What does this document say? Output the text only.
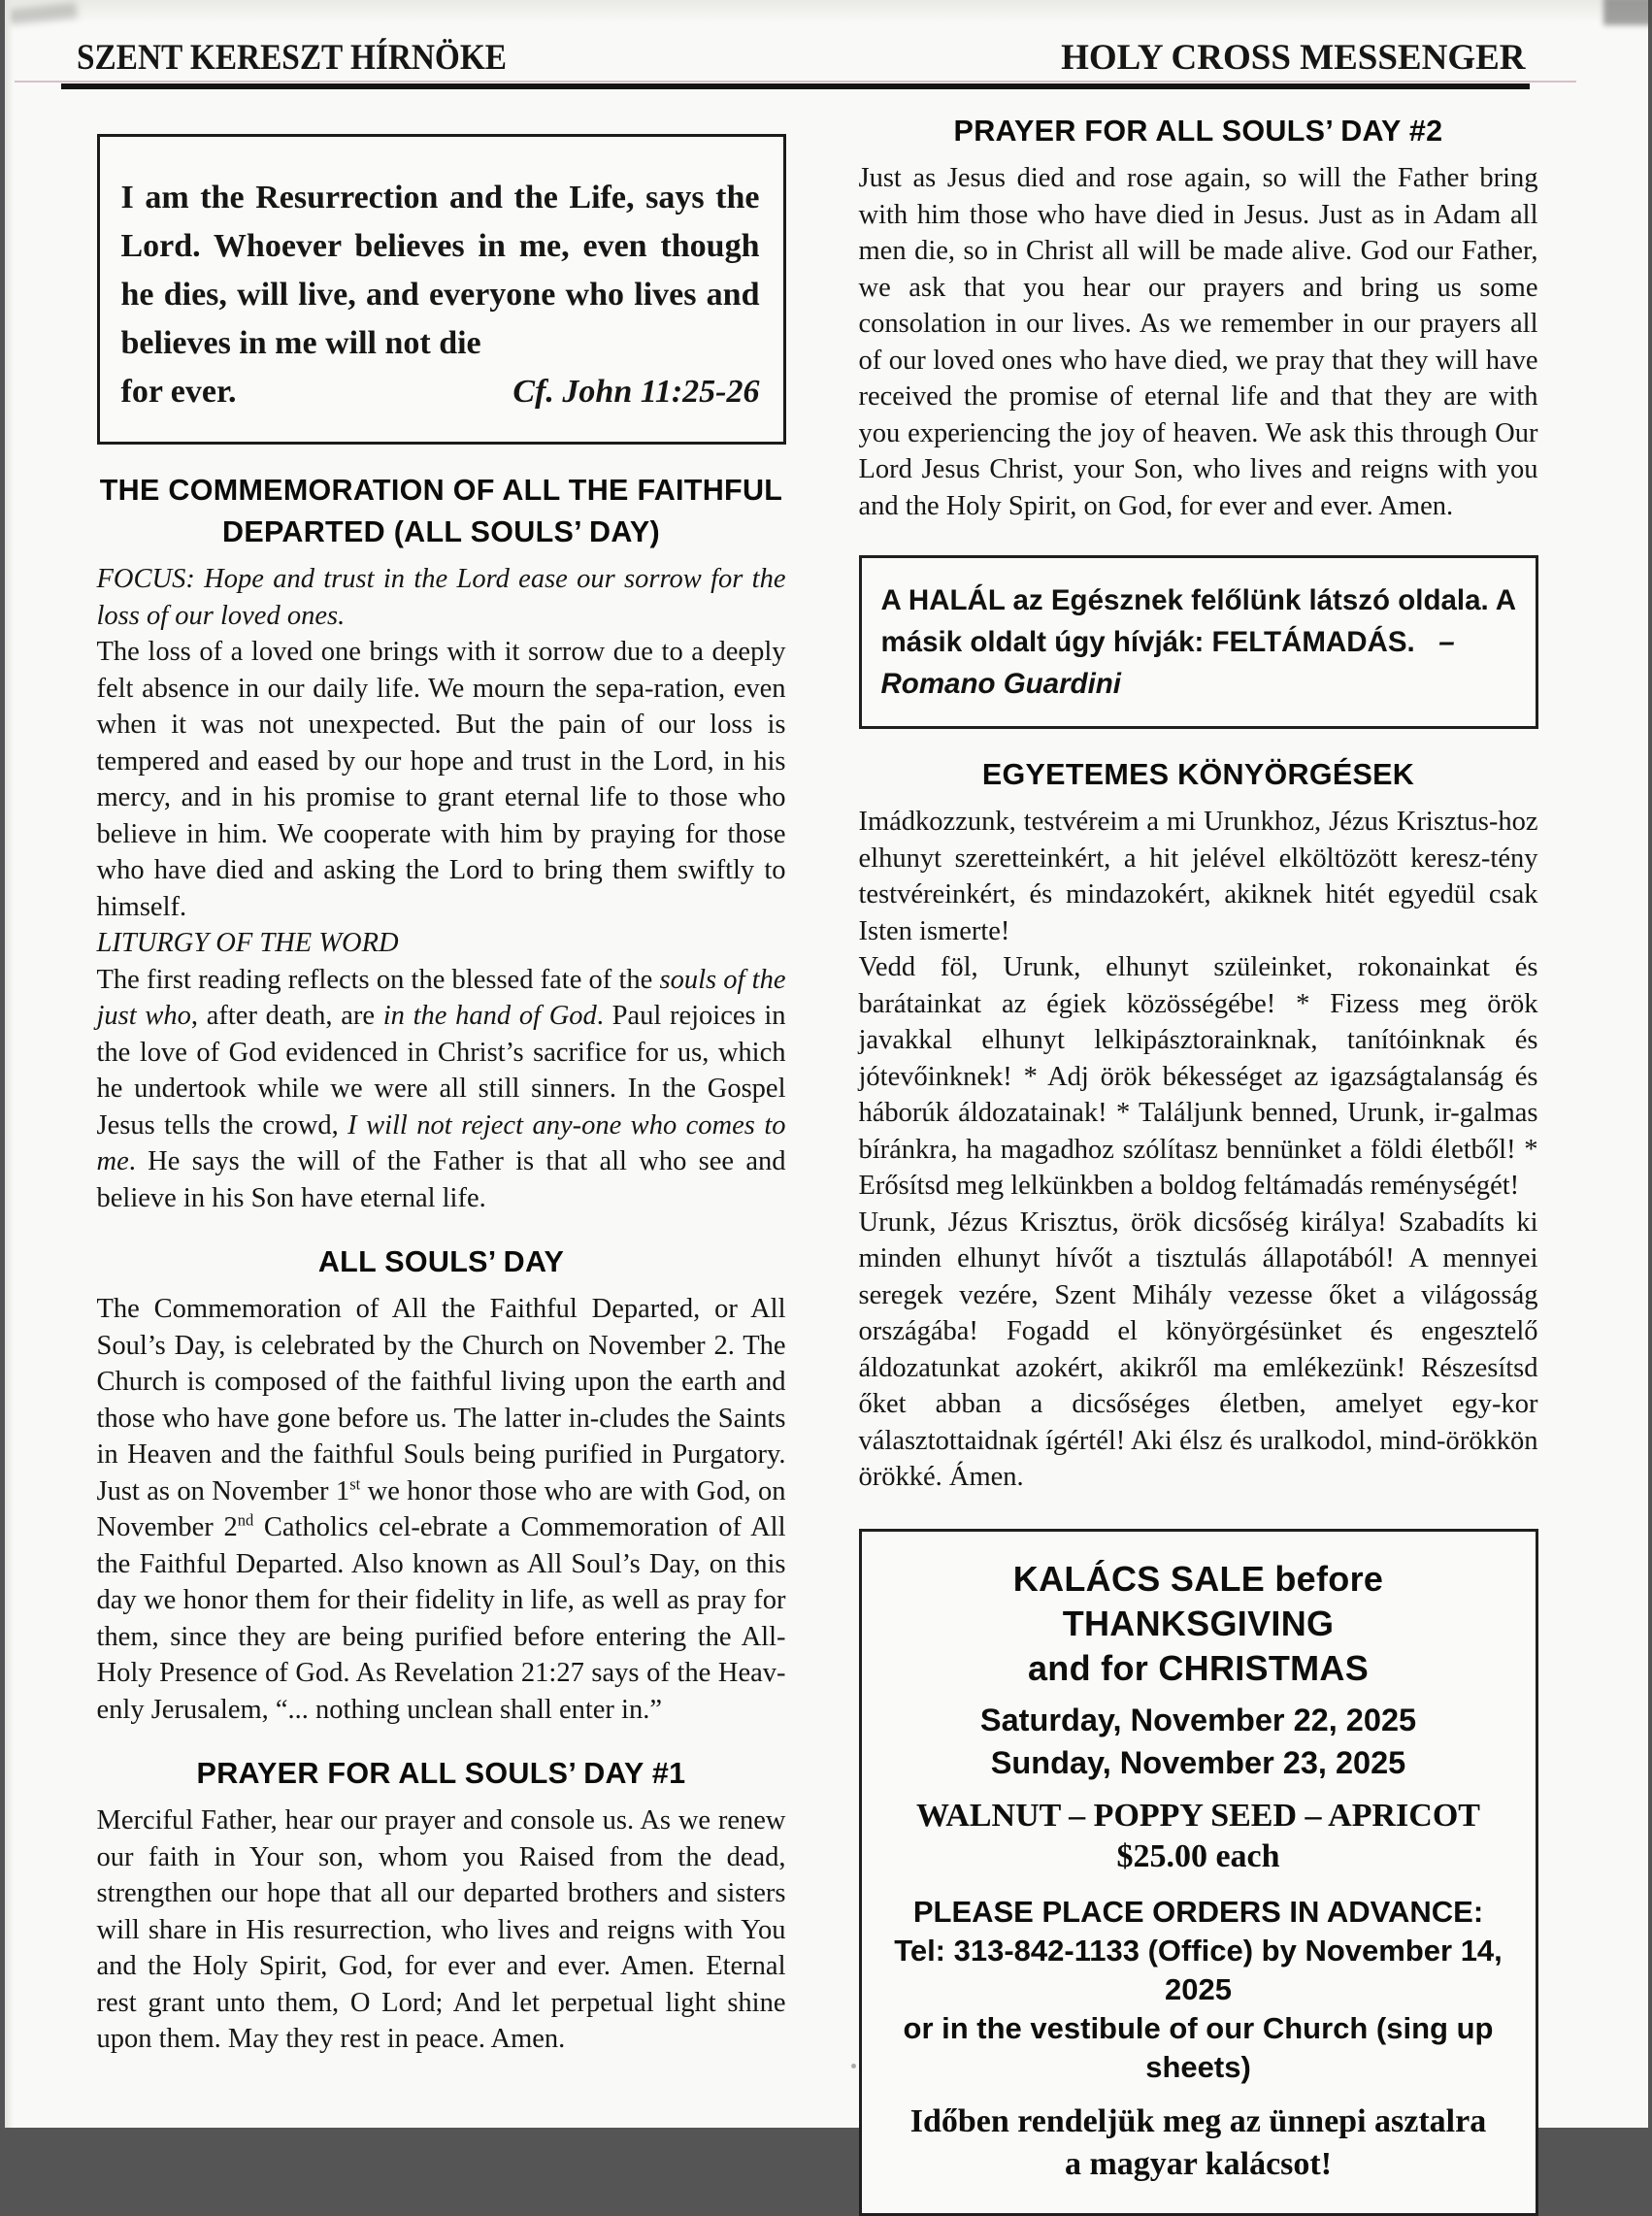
SZENT KERESZT HÍRNÖKE	HOLY CROSS MESSENGER

I am the Resurrection and the Life, says the Lord. Whoever believes in me, even though he dies, will live, and everyone who lives and believes in me will not die

for ever.	Cf. John 11:25-26
THE COMMEMORATION OF ALL THE FAITHFUL DEPARTED (ALL SOULS’ DAY)

FOCUS: Hope and trust in the Lord ease our sorrow for the loss of our loved ones.

The loss of a loved one brings with it sorrow due to a deeply felt absence in our daily life. We mourn the sepa-ration, even when it was not unexpected. But the pain of our loss is tempered and eased by our hope and trust in the Lord, in his mercy, and in his promise to grant eternal life to those who believe in him. We cooperate with him by praying for those who have died and asking the Lord to bring them swiftly to himself.

LITURGY OF THE WORD

The first reading reflects on the blessed fate of the souls of the just who, after death, are in the hand of God. Paul rejoices in the love of God evidenced in Christ’s sacrifice for us, which he undertook while we were all still sinners. In the Gospel Jesus tells the crowd, I will not reject any-one who comes to me. He says the will of the Father is that all who see and believe in his Son have eternal life.

ALL SOULS’ DAY

The Commemoration of All the Faithful Departed, or All Soul’s Day, is celebrated by the Church on November 2. The Church is composed of the faithful living upon the earth and those who have gone before us. The latter in-cludes the Saints in Heaven and the faithful Souls being purified in Purgatory. Just as on November 1st we honor those who are with God, on November 2nd Catholics cel-ebrate a Commemoration of All the Faithful Departed. Also known as All Soul’s Day, on this day we honor them for their fidelity in life, as well as pray for them, since they are being purified before entering the All-Holy Presence of God. As Revelation 21:27 says of the Heav-enly Jerusalem, “... nothing unclean shall enter in.”

PRAYER FOR ALL SOULS’ DAY #1

Merciful Father, hear our prayer and console us. As we renew our faith in Your son, whom you Raised from the dead, strengthen our hope that all our departed brothers and sisters will share in His resurrection, who lives and reigns with You and the Holy Spirit, God, for ever and ever. Amen. Eternal rest grant unto them, O Lord; And let perpetual light shine upon them. May they rest in peace. Amen.

PRAYER FOR ALL SOULS’ DAY #2

Just as Jesus died and rose again, so will the Father bring with him those who have died in Jesus. Just as in Adam all men die, so in Christ all will be made alive. God our Father, we ask that you hear our prayers and bring us some consolation in our lives. As we remember in our prayers all of our loved ones who have died, we pray that they will have received the promise of eternal life and that they are with you experiencing the joy of heaven. We ask this through Our Lord Jesus Christ, your Son, who lives and reigns with you and the Holy Spirit, on God, for ever and ever. Amen.

A HALÁL az Egésznek felőlünk látszó oldala. A másik oldalt úgy hívják: FELTÁMADÁS.   – Romano Guardini
EGYETEMES KÖNYÖRGÉSEK

Imádkozzunk, testvéreim a mi Urunkhoz, Jézus Krisztus-hoz elhunyt szeretteinkért, a hit jelével elköltözött keresz-tény testvéreinkért, és mindazokért, akiknek hitét egyedül csak Isten ismerte!

Vedd föl, Urunk, elhunyt szüleinket, rokonainkat és barátainkat az égiek közösségébe! * Fizess meg örök javakkal elhunyt lelkipásztorainknak, tanítóinknak és jótevőinknek! * Adj örök békességet az igazságtalanság és háborúk áldozatainak! * Találjunk benned, Urunk, ir-galmas bíránkra, ha magadhoz szólítasz bennünket a földi életből! * Erősítsd meg lelkünkben a boldog feltámadás reménységét!

Urunk, Jézus Krisztus, örök dicsőség királya! Szabadíts ki minden elhunyt hívőt a tisztulás állapotából! A mennyei seregek vezére, Szent Mihály vezesse őket a világosság országába! Fogadd el könyörgésünket és engesztelő áldozatunkat azokért, akikről ma emlékezünk! Részesítsd őket abban a dicsőséges életben, amelyet egy-kor választottaidnak ígértél! Aki élsz és uralkodol, mind-örökkön örökké. Ámen.

KALÁCS SALE before THANKSGIVING
and for CHRISTMAS
Saturday, November 22, 2025
Sunday, November 23, 2025
WALNUT – POPPY SEED – APRICOT
$25.00 each
PLEASE PLACE ORDERS IN ADVANCE:
Tel: 313-842-1133 (Office) by November 14, 2025
or in the vestibule of our Church (sing up sheets)
Időben rendeljük meg az ünnepi asztalra
a magyar kalácsot!
